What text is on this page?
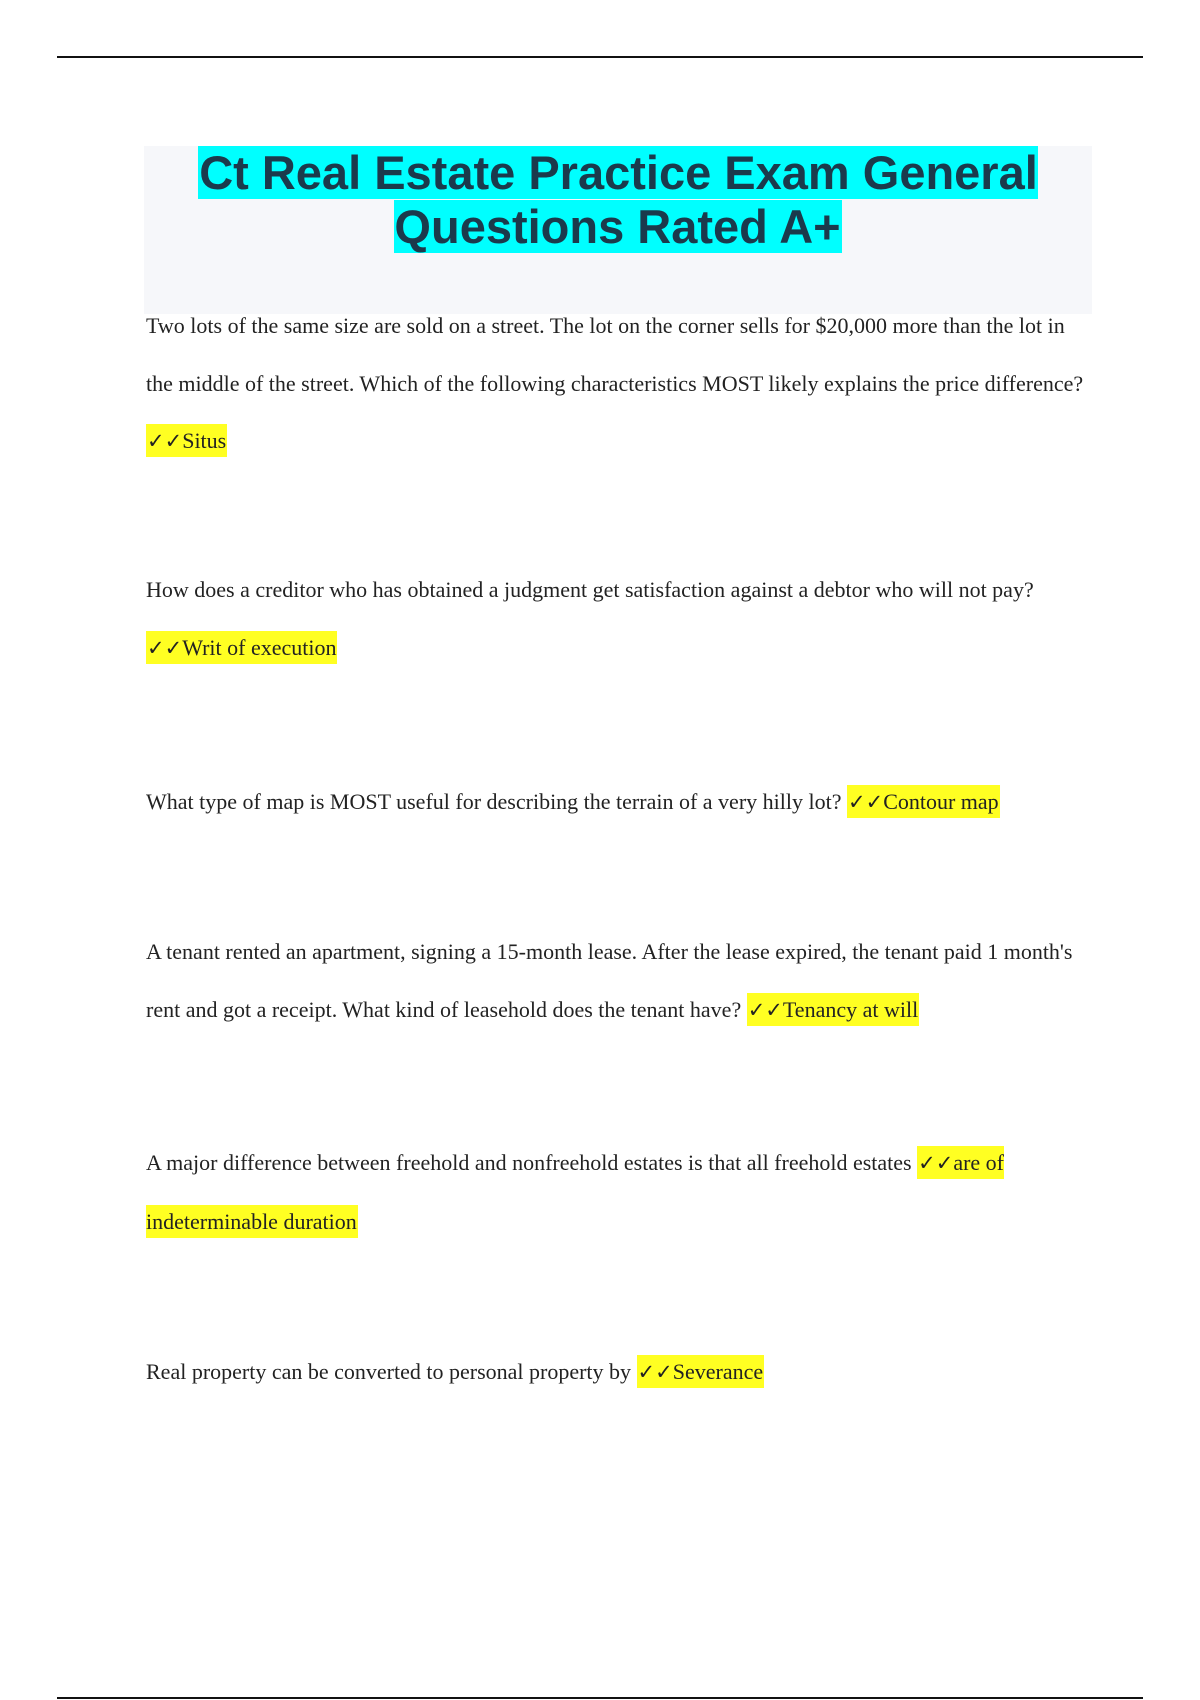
Ct Real Estate Practice Exam General Questions Rated A+

Two lots of the same size are sold on a street. The lot on the corner sells for $20,000 more than the lot in the middle of the street. Which of the following characteristics MOST likely explains the price difference? ✓✓Situs

How does a creditor who has obtained a judgment get satisfaction against a debtor who will not pay? ✓✓Writ of execution

What type of map is MOST useful for describing the terrain of a very hilly lot? ✓✓Contour map

A tenant rented an apartment, signing a 15-month lease. After the lease expired, the tenant paid 1 month's rent and got a receipt. What kind of leasehold does the tenant have? ✓✓Tenancy at will

A major difference between freehold and nonfreehold estates is that all freehold estates ✓✓are of indeterminable duration

Real property can be converted to personal property by ✓✓Severance
